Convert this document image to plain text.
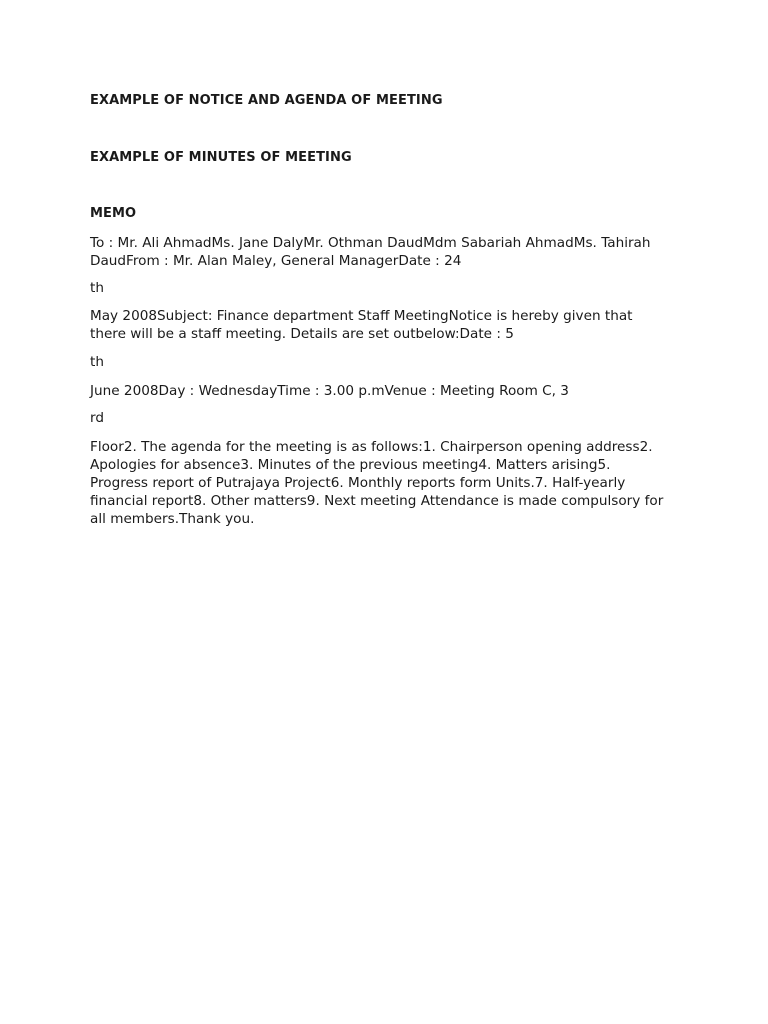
EXAMPLE OF NOTICE AND AGENDA OF MEETING
EXAMPLE OF MINUTES OF MEETING
MEMO
To : Mr. Ali AhmadMs. Jane DalyMr. Othman DaudMdm Sabariah AhmadMs. Tahirah
DaudFrom : Mr. Alan Maley, General ManagerDate : 24
th
May 2008Subject: Finance department Staff MeetingNotice is hereby given that
there will be a staff meeting. Details are set outbelow:Date : 5
th
June 2008Day : WednesdayTime : 3.00 p.mVenue : Meeting Room C, 3
rd
Floor2. The agenda for the meeting is as follows:1. Chairperson opening address2.
Apologies for absence3. Minutes of the previous meeting4. Matters arising5.
Progress report of Putrajaya Project6. Monthly reports form Units.7. Half-yearly
financial report8. Other matters9. Next meeting Attendance is made compulsory for
all members.Thank you.
